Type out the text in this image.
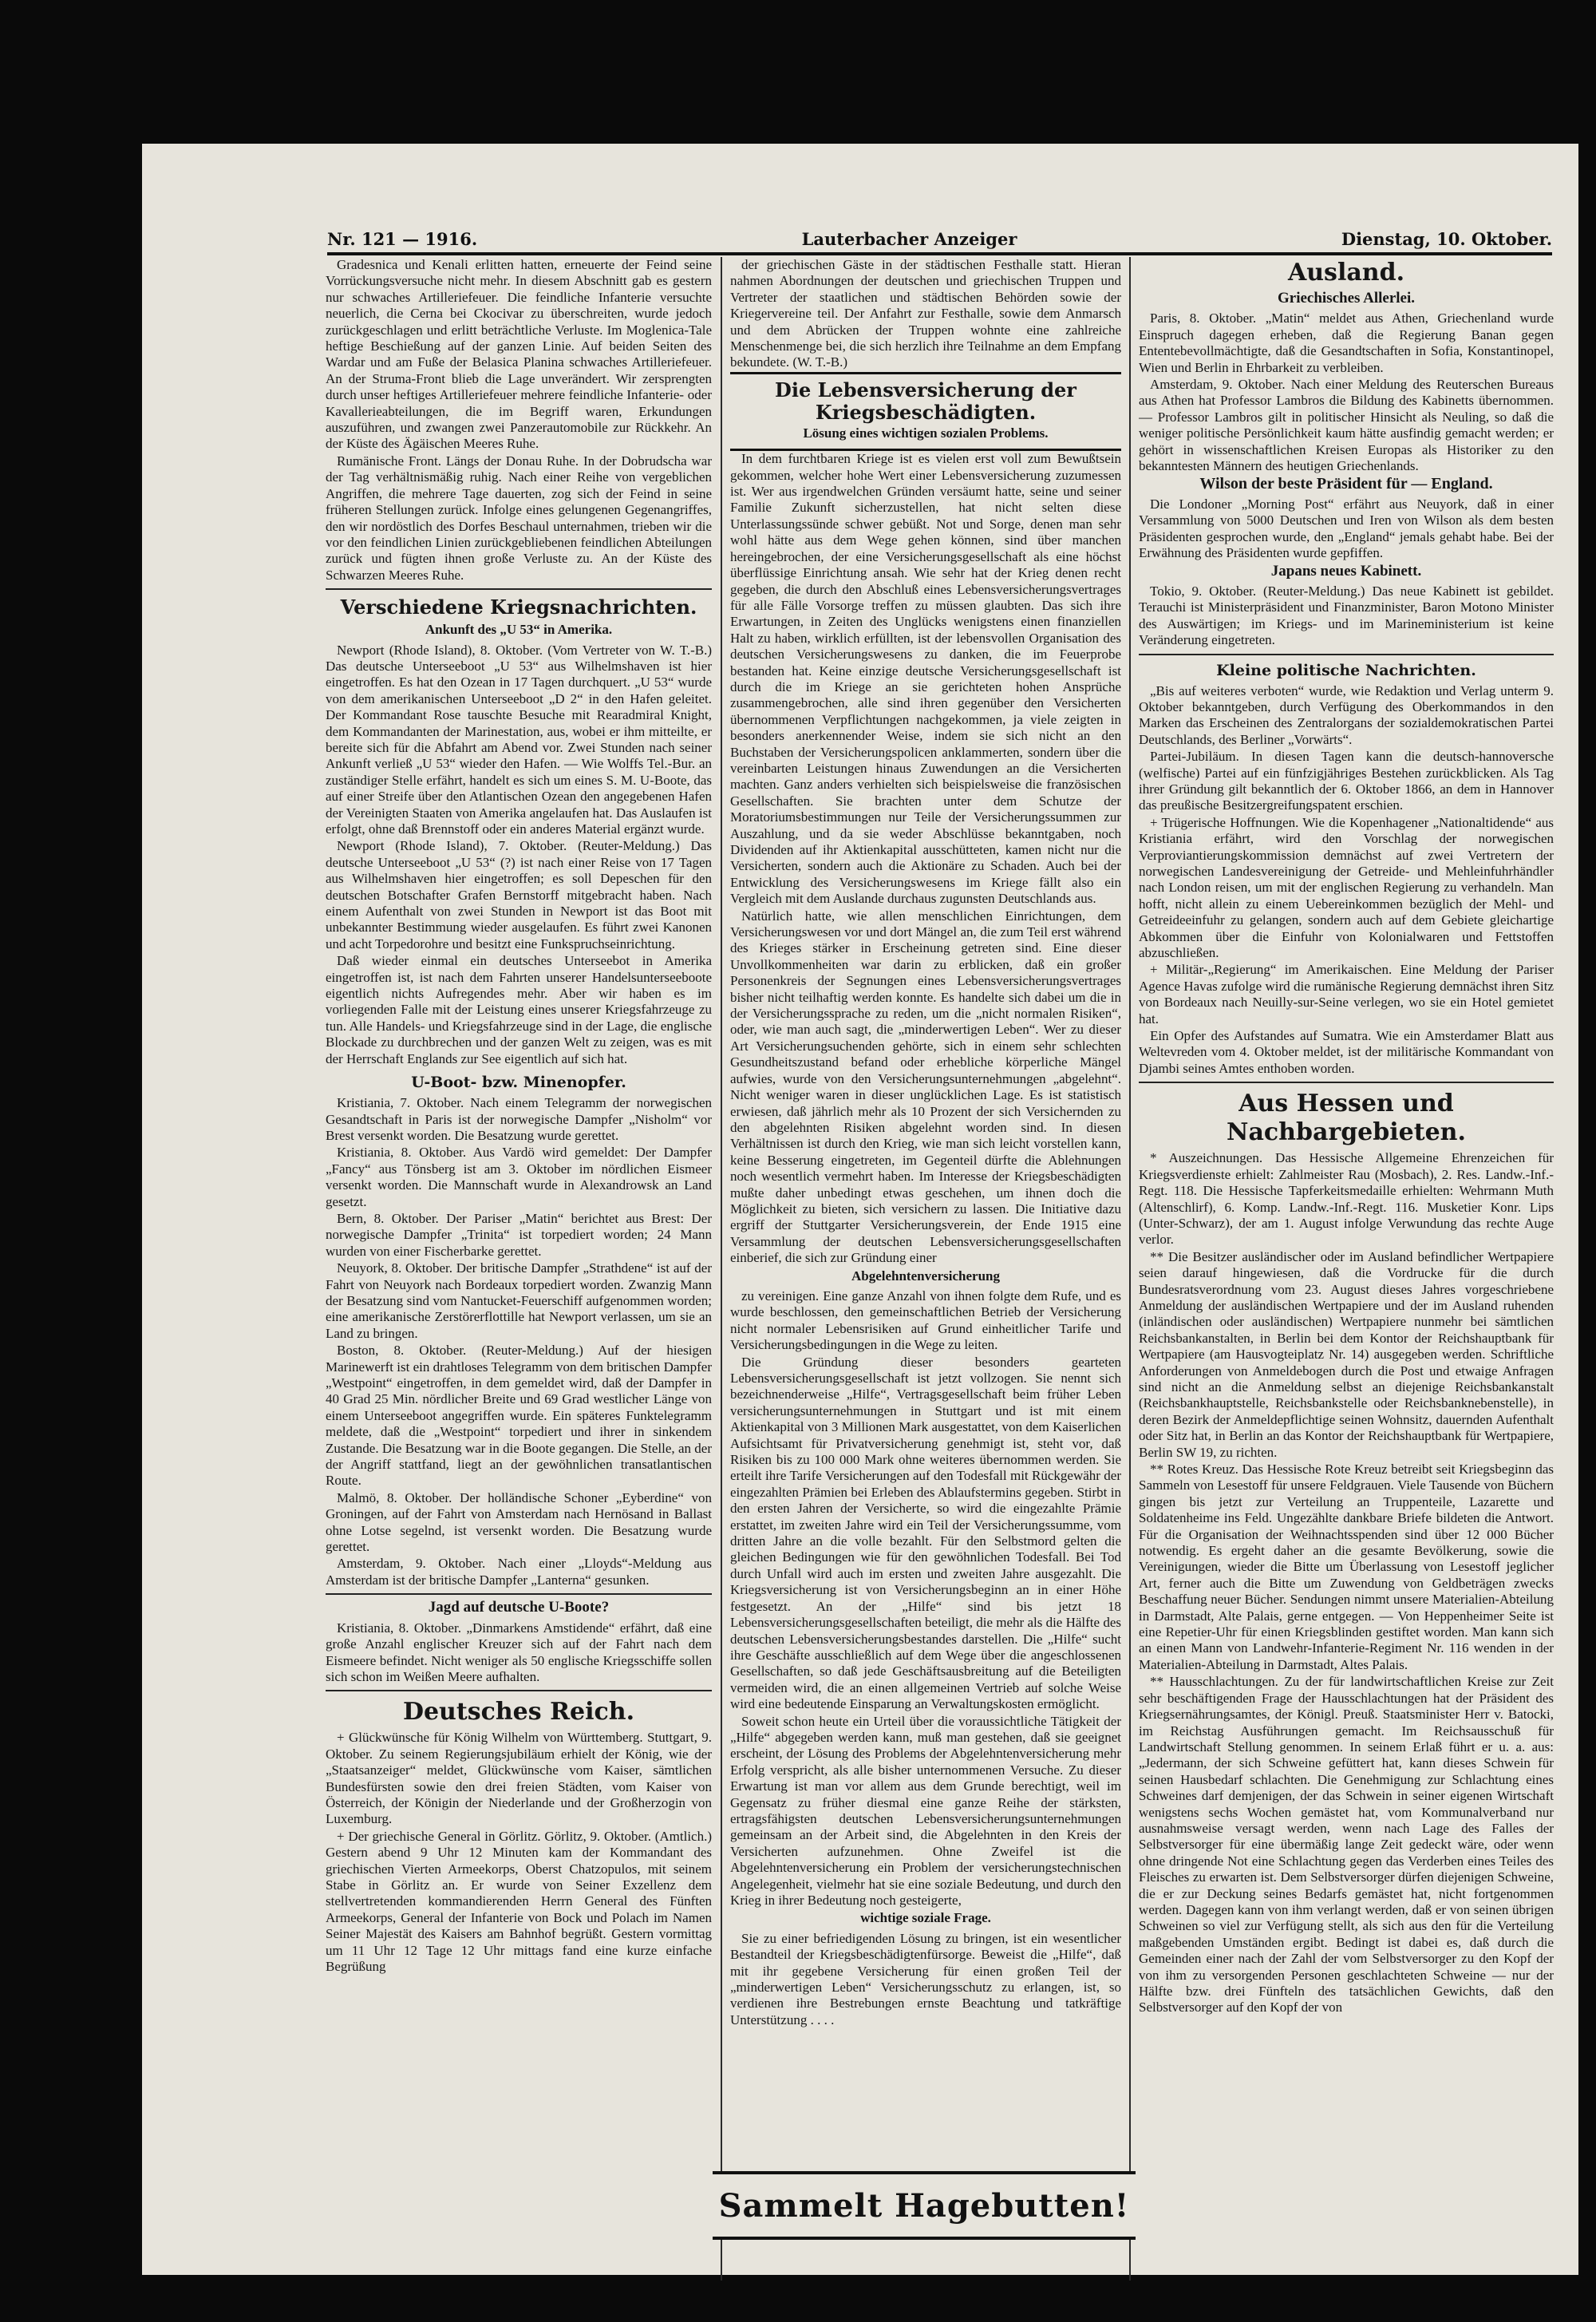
Nr. 121 — 1916.	Lauterbacher Anzeiger	Dienstag, 10. Oktober.

Gradesnica und Kenali erlitten hatten, erneuerte der Feind seine Vorrückungsversuche nicht mehr. In diesem Abschnitt gab es gestern nur schwaches Artilleriefeuer. Die feindliche Infanterie versuchte neuerlich, die Cerna bei Ckocivar zu überschreiten, wurde jedoch zurückgeschlagen und erlitt beträchtliche Verluste. Im Moglenica-Tale heftige Beschießung auf der ganzen Linie. Auf beiden Seiten des Wardar und am Fuße der Belasica Planina schwaches Artilleriefeuer. An der Struma-Front blieb die Lage unverändert. Wir zersprengten durch unser heftiges Artilleriefeuer mehrere feindliche Infanterie- oder Kavallerieabteilungen, die im Begriff waren, Erkundungen auszuführen, und zwangen zwei Panzerautomobile zur Rückkehr. An der Küste des Ägäischen Meeres Ruhe.

Rumänische Front. Längs der Donau Ruhe. In der Dobrudscha war der Tag verhältnismäßig ruhig. Nach einer Reihe von vergeblichen Angriffen, die mehrere Tage dauerten, zog sich der Feind in seine früheren Stellungen zurück. Infolge eines gelungenen Gegenangriffes, den wir nordöstlich des Dorfes Beschaul unternahmen, trieben wir die vor den feindlichen Linien zurückgebliebenen feindlichen Abteilungen zurück und fügten ihnen große Verluste zu. An der Küste des Schwarzen Meeres Ruhe.

Verschiedene Kriegsnachrichten.
Ankunft des „U 53“ in Amerika.

Newport (Rhode Island), 8. Oktober. (Vom Vertreter von W. T.-B.) Das deutsche Unterseeboot „U 53“ aus Wilhelmshaven ist hier eingetroffen. Es hat den Ozean in 17 Tagen durchquert. „U 53“ wurde von dem amerikanischen Unterseeboot „D 2“ in den Hafen geleitet. Der Kommandant Rose tauschte Besuche mit Rearadmiral Knight, dem Kommandanten der Marinestation, aus, wobei er ihm mitteilte, er bereite sich für die Abfahrt am Abend vor. Zwei Stunden nach seiner Ankunft verließ „U 53“ wieder den Hafen. — Wie Wolffs Tel.-Bur. an zuständiger Stelle erfährt, handelt es sich um eines S. M. U-Boote, das auf einer Streife über den Atlantischen Ozean den angegebenen Hafen der Vereinigten Staaten von Amerika angelaufen hat. Das Auslaufen ist erfolgt, ohne daß Brennstoff oder ein anderes Material ergänzt wurde.

Newport (Rhode Island), 7. Oktober. (Reuter-Meldung.) Das deutsche Unterseeboot „U 53“ (?) ist nach einer Reise von 17 Tagen aus Wilhelmshaven hier eingetroffen; es soll Depeschen für den deutschen Botschafter Grafen Bernstorff mitgebracht haben. Nach einem Aufenthalt von zwei Stunden in Newport ist das Boot mit unbekannter Bestimmung wieder ausgelaufen. Es führt zwei Kanonen und acht Torpedorohre und besitzt eine Funkspruchseinrichtung.

Daß wieder einmal ein deutsches Unterseebot in Amerika eingetroffen ist, ist nach dem Fahrten unserer Handelsunterseeboote eigentlich nichts Aufregendes mehr. Aber wir haben es im vorliegenden Falle mit der Leistung eines unserer Kriegsfahrzeuge zu tun. Alle Handels- und Kriegsfahrzeuge sind in der Lage, die englische Blockade zu durchbrechen und der ganzen Welt zu zeigen, was es mit der Herrschaft Englands zur See eigentlich auf sich hat.

U-Boot- bzw. Minenopfer.

Kristiania, 7. Oktober. Nach einem Telegramm der norwegischen Gesandtschaft in Paris ist der norwegische Dampfer „Nisholm“ vor Brest versenkt worden. Die Besatzung wurde gerettet.

Kristiania, 8. Oktober. Aus Vardö wird gemeldet: Der Dampfer „Fancy“ aus Tönsberg ist am 3. Oktober im nördlichen Eismeer versenkt worden. Die Mannschaft wurde in Alexandrowsk an Land gesetzt.

Bern, 8. Oktober. Der Pariser „Matin“ berichtet aus Brest: Der norwegische Dampfer „Trinita“ ist torpediert worden; 24 Mann wurden von einer Fischerbarke gerettet.

Neuyork, 8. Oktober. Der britische Dampfer „Strathdene“ ist auf der Fahrt von Neuyork nach Bordeaux torpediert worden. Zwanzig Mann der Besatzung sind vom Nantucket-Feuerschiff aufgenommen worden; eine amerikanische Zerstörerflottille hat Newport verlassen, um sie an Land zu bringen.

Boston, 8. Oktober. (Reuter-Meldung.) Auf der hiesigen Marinewerft ist ein drahtloses Telegramm von dem britischen Dampfer „Westpoint“ eingetroffen, in dem gemeldet wird, daß der Dampfer in 40 Grad 25 Min. nördlicher Breite und 69 Grad westlicher Länge von einem Unterseeboot angegriffen wurde. Ein späteres Funktelegramm meldete, daß die „Westpoint“ torpediert und ihrer in sinkendem Zustande. Die Besatzung war in die Boote gegangen. Die Stelle, an der der Angriff stattfand, liegt an der gewöhnlichen transatlantischen Route.

Malmö, 8. Oktober. Der holländische Schoner „Eyberdine“ von Groningen, auf der Fahrt von Amsterdam nach Hernösand in Ballast ohne Lotse segelnd, ist versenkt worden. Die Besatzung wurde gerettet.

Amsterdam, 9. Oktober. Nach einer „Lloyds“-Meldung aus Amsterdam ist der britische Dampfer „Lanterna“ gesunken.

Jagd auf deutsche U-Boote?

Kristiania, 8. Oktober. „Dinmarkens Amstidende“ erfährt, daß eine große Anzahl englischer Kreuzer sich auf der Fahrt nach dem Eismeere befindet. Nicht weniger als 50 englische Kriegsschiffe sollen sich schon im Weißen Meere aufhalten.

Deutsches Reich.

+ Glückwünsche für König Wilhelm von Württemberg. Stuttgart, 9. Oktober. Zu seinem Regierungsjubiläum erhielt der König, wie der „Staatsanzeiger“ meldet, Glückwünsche vom Kaiser, sämtlichen Bundesfürsten sowie den drei freien Städten, vom Kaiser von Österreich, der Königin der Niederlande und der Großherzogin von Luxemburg.

+ Der griechische General in Görlitz. Görlitz, 9. Oktober. (Amtlich.) Gestern abend 9 Uhr 12 Minuten kam der Kommandant des griechischen Vierten Armeekorps, Oberst Chatzopulos, mit seinem Stabe in Görlitz an. Er wurde von Seiner Exzellenz dem stellvertretenden kommandierenden Herrn General des Fünften Armeekorps, General der Infanterie von Bock und Polach im Namen Seiner Majestät des Kaisers am Bahnhof begrüßt. Gestern vormittag um 11 Uhr 12 Tage 12 Uhr mittags fand eine kurze einfache Begrüßung

der griechischen Gäste in der städtischen Festhalle statt. Hieran nahmen Abordnungen der deutschen und griechischen Truppen und Vertreter der staatlichen und städtischen Behörden sowie der Kriegervereine teil. Der Anfahrt zur Festhalle, sowie dem Anmarsch und dem Abrücken der Truppen wohnte eine zahlreiche Menschenmenge bei, die sich herzlich ihre Teilnahme an dem Empfang bekundete. (W. T.-B.)

Die Lebensversicherung der Kriegsbeschädigten.
Lösung eines wichtigen sozialen Problems.

In dem furchtbaren Kriege ist es vielen erst voll zum Bewußtsein gekommen, welcher hohe Wert einer Lebensversicherung zuzumessen ist. Wer aus irgendwelchen Gründen versäumt hatte, seine und seiner Familie Zukunft sicherzustellen, hat nicht selten diese Unterlassungssünde schwer gebüßt. Not und Sorge, denen man sehr wohl hätte aus dem Wege gehen können, sind über manchen hereingebrochen, der eine Versicherungsgesellschaft als eine höchst überflüssige Einrichtung ansah. Wie sehr hat der Krieg denen recht gegeben, die durch den Abschluß eines Lebensversicherungsvertrages für alle Fälle Vorsorge treffen zu müssen glaubten. Das sich ihre Erwartungen, in Zeiten des Unglücks wenigstens einen finanziellen Halt zu haben, wirklich erfüllten, ist der lebensvollen Organisation des deutschen Versicherungswesens zu danken, die im Feuerprobe bestanden hat. Keine einzige deutsche Versicherungsgesellschaft ist durch die im Kriege an sie gerichteten hohen Ansprüche zusammengebrochen, alle sind ihren gegenüber den Versicherten übernommenen Verpflichtungen nachgekommen, ja viele zeigten in besonders anerkennender Weise, indem sie sich nicht an den Buchstaben der Versicherungspolicen anklammerten, sondern über die vereinbarten Leistungen hinaus Zuwendungen an die Versicherten machten. Ganz anders verhielten sich beispielsweise die französischen Gesellschaften. Sie brachten unter dem Schutze der Moratoriumsbestimmungen nur Teile der Versicherungssummen zur Auszahlung, und da sie weder Abschlüsse bekanntgaben, noch Dividenden auf ihr Aktienkapital ausschütteten, kamen nicht nur die Versicherten, sondern auch die Aktionäre zu Schaden. Auch bei der Entwicklung des Versicherungswesens im Kriege fällt also ein Vergleich mit dem Auslande durchaus zugunsten Deutschlands aus.

Natürlich hatte, wie allen menschlichen Einrichtungen, dem Versicherungswesen vor und dort Mängel an, die zum Teil erst während des Krieges stärker in Erscheinung getreten sind. Eine dieser Unvollkommenheiten war darin zu erblicken, daß ein großer Personenkreis der Segnungen eines Lebensversicherungsvertrages bisher nicht teilhaftig werden konnte. Es handelte sich dabei um die in der Versicherungssprache zu reden, um die „nicht normalen Risiken“, oder, wie man auch sagt, die „minderwertigen Leben“. Wer zu dieser Art Versicherungsuchenden gehörte, sich in einem sehr schlechten Gesundheitszustand befand oder erhebliche körperliche Mängel aufwies, wurde von den Versicherungsunternehmungen „abgelehnt“. Nicht weniger waren in dieser unglücklichen Lage. Es ist statistisch erwiesen, daß jährlich mehr als 10 Prozent der sich Versichernden zu den abgelehnten Risiken abgelehnt worden sind. In diesen Verhältnissen ist durch den Krieg, wie man sich leicht vorstellen kann, keine Besserung eingetreten, im Gegenteil dürfte die Ablehnungen noch wesentlich vermehrt haben. Im Interesse der Kriegsbeschädigten mußte daher unbedingt etwas geschehen, um ihnen doch die Möglichkeit zu bieten, sich versichern zu lassen. Die Initiative dazu ergriff der Stuttgarter Versicherungsverein, der Ende 1915 eine Versammlung der deutschen Lebensversicherungsgesellschaften einberief, die sich zur Gründung einer

Abgelehntenversicherung

zu vereinigen. Eine ganze Anzahl von ihnen folgte dem Rufe, und es wurde beschlossen, den gemeinschaftlichen Betrieb der Versicherung nicht normaler Lebensrisiken auf Grund einheitlicher Tarife und Versicherungsbedingungen in die Wege zu leiten.

Die Gründung dieser besonders gearteten Lebensversicherungsgesellschaft ist jetzt vollzogen. Sie nennt sich bezeichnenderweise „Hilfe“, Vertragsgesellschaft beim früher Leben versicherungsunternehmungen in Stuttgart und ist mit einem Aktienkapital von 3 Millionen Mark ausgestattet, von dem Kaiserlichen Aufsichtsamt für Privatversicherung genehmigt ist, steht vor, daß Risiken bis zu 100 000 Mark ohne weiteres übernommen werden. Sie erteilt ihre Tarife Versicherungen auf den Todesfall mit Rückgewähr der eingezahlten Prämien bei Erleben des Ablaufstermins gegeben. Stirbt in den ersten Jahren der Versicherte, so wird die eingezahlte Prämie erstattet, im zweiten Jahre wird ein Teil der Versicherungssumme, vom dritten Jahre an die volle bezahlt. Für den Selbstmord gelten die gleichen Bedingungen wie für den gewöhnlichen Todesfall. Bei Tod durch Unfall wird auch im ersten und zweiten Jahre ausgezahlt. Die Kriegsversicherung ist von Versicherungsbeginn an in einer Höhe festgesetzt. An der „Hilfe“ sind bis jetzt 18 Lebensversicherungsgesellschaften beteiligt, die mehr als die Hälfte des deutschen Lebensversicherungsbestandes darstellen. Die „Hilfe“ sucht ihre Geschäfte ausschließlich auf dem Wege über die angeschlossenen Gesellschaften, so daß jede Geschäftsausbreitung auf die Beteiligten vermeiden wird, die an einen allgemeinen Vertrieb auf solche Weise wird eine bedeutende Einsparung an Verwaltungskosten ermöglicht.

Soweit schon heute ein Urteil über die voraussichtliche Tätigkeit der „Hilfe“ abgegeben werden kann, muß man gestehen, daß sie geeignet erscheint, der Lösung des Problems der Abgelehntenversicherung mehr Erfolg verspricht, als alle bisher unternommenen Versuche. Zu dieser Erwartung ist man vor allem aus dem Grunde berechtigt, weil im Gegensatz zu früher diesmal eine ganze Reihe der stärksten, ertragsfähigsten deutschen Lebensversicherungsunternehmungen gemeinsam an der Arbeit sind, die Abgelehnten in den Kreis der Versicherten aufzunehmen. Ohne Zweifel ist die Abgelehntenversicherung ein Problem der versicherungstechnischen Angelegenheit, vielmehr hat sie eine soziale Bedeutung, und durch den Krieg in ihrer Bedeutung noch gesteigerte,

wichtige soziale Frage.

Sie zu einer befriedigenden Lösung zu bringen, ist ein wesentlicher Bestandteil der Kriegsbeschädigtenfürsorge. Beweist die „Hilfe“, daß mit ihr gegebene Versicherung für einen großen Teil der „minderwertigen Leben“ Versicherungsschutz zu erlangen, ist, so verdienen ihre Bestrebungen ernste Beachtung und tatkräftige Unterstützung . . . .

Sammelt Hagebutten!
Ausland.
Griechisches Allerlei.

Paris, 8. Oktober. „Matin“ meldet aus Athen, Griechenland wurde Einspruch dagegen erheben, daß die Regierung Banan gegen Ententebevollmächtigte, daß die Gesandtschaften in Sofia, Konstantinopel, Wien und Berlin in Ehrbarkeit zu verbleiben.

Amsterdam, 9. Oktober. Nach einer Meldung des Reuterschen Bureaus aus Athen hat Professor Lambros die Bildung des Kabinetts übernommen. — Professor Lambros gilt in politischer Hinsicht als Neuling, so daß die weniger politische Persönlichkeit kaum hätte ausfindig gemacht werden; er gehört in wissenschaftlichen Kreisen Europas als Historiker zu den bekanntesten Männern des heutigen Griechenlands.

Wilson der beste Präsident für — England.

Die Londoner „Morning Post“ erfährt aus Neuyork, daß in einer Versammlung von 5000 Deutschen und Iren von Wilson als dem besten Präsidenten gesprochen wurde, den „England“ jemals gehabt habe. Bei der Erwähnung des Präsidenten wurde gepfiffen.

Japans neues Kabinett.

Tokio, 9. Oktober. (Reuter-Meldung.) Das neue Kabinett ist gebildet. Terauchi ist Ministerpräsident und Finanzminister, Baron Motono Minister des Auswärtigen; im Kriegs- und im Marineministerium ist keine Veränderung eingetreten.

Kleine politische Nachrichten.

„Bis auf weiteres verboten“ wurde, wie Redaktion und Verlag unterm 9. Oktober bekanntgeben, durch Verfügung des Oberkommandos in den Marken das Erscheinen des Zentralorgans der sozialdemokratischen Partei Deutschlands, des Berliner „Vorwärts“.

Partei-Jubiläum. In diesen Tagen kann die deutsch-hannoversche (welfische) Partei auf ein fünfzigjähriges Bestehen zurückblicken. Als Tag ihrer Gründung gilt bekanntlich der 6. Oktober 1866, an dem in Hannover das preußische Besitzergreifungspatent erschien.

+ Trügerische Hoffnungen. Wie die Kopenhagener „Nationaltidende“ aus Kristiania erfährt, wird den Vorschlag der norwegischen Verproviantierungskommission demnächst auf zwei Vertretern der norwegischen Landesvereinigung der Getreide- und Mehleinfuhrhändler nach London reisen, um mit der englischen Regierung zu verhandeln. Man hofft, nicht allein zu einem Uebereinkommen bezüglich der Mehl- und Getreideeinfuhr zu gelangen, sondern auch auf dem Gebiete gleichartige Abkommen über die Einfuhr von Kolonialwaren und Fettstoffen abzuschließen.

+ Militär-„Regierung“ im Amerikaischen. Eine Meldung der Pariser Agence Havas zufolge wird die rumänische Regierung demnächst ihren Sitz von Bordeaux nach Neuilly-sur-Seine verlegen, wo sie ein Hotel gemietet hat.

Ein Opfer des Aufstandes auf Sumatra. Wie ein Amsterdamer Blatt aus Weltevreden vom 4. Oktober meldet, ist der militärische Kommandant von Djambi seines Amtes enthoben worden.

Aus Hessen und Nachbargebieten.

* Auszeichnungen. Das Hessische Allgemeine Ehrenzeichen für Kriegsverdienste erhielt: Zahlmeister Rau (Mosbach), 2. Res. Landw.-Inf.-Regt. 118. Die Hessische Tapferkeitsmedaille erhielten: Wehrmann Muth (Altenschlirf), 6. Komp. Landw.-Inf.-Regt. 116. Musketier Konr. Lips (Unter-Schwarz), der am 1. August infolge Verwundung das rechte Auge verlor.

** Die Besitzer ausländischer oder im Ausland befindlicher Wertpapiere seien darauf hingewiesen, daß die Vordrucke für die durch Bundesratsverordnung vom 23. August dieses Jahres vorgeschriebene Anmeldung der ausländischen Wertpapiere und der im Ausland ruhenden (inländischen oder ausländischen) Wertpapiere nunmehr bei sämtlichen Reichsbankanstalten, in Berlin bei dem Kontor der Reichshauptbank für Wertpapiere (am Hausvogteiplatz Nr. 14) ausgegeben werden. Schriftliche Anforderungen von Anmeldebogen durch die Post und etwaige Anfragen sind nicht an die Anmeldung selbst an diejenige Reichsbankanstalt (Reichsbankhauptstelle, Reichsbankstelle oder Reichsbanknebenstelle), in deren Bezirk der Anmeldepflichtige seinen Wohnsitz, dauernden Aufenthalt oder Sitz hat, in Berlin an das Kontor der Reichshauptbank für Wertpapiere, Berlin SW 19, zu richten.

** Rotes Kreuz. Das Hessische Rote Kreuz betreibt seit Kriegsbeginn das Sammeln von Lesestoff für unsere Feldgrauen. Viele Tausende von Büchern gingen bis jetzt zur Verteilung an Truppenteile, Lazarette und Soldatenheime ins Feld. Ungezählte dankbare Briefe bildeten die Antwort. Für die Organisation der Weihnachtsspenden sind über 12 000 Bücher notwendig. Es ergeht daher an die gesamte Bevölkerung, sowie die Vereinigungen, wieder die Bitte um Überlassung von Lesestoff jeglicher Art, ferner auch die Bitte um Zuwendung von Geldbeträgen zwecks Beschaffung neuer Bücher. Sendungen nimmt unsere Materialien-Abteilung in Darmstadt, Alte Palais, gerne entgegen. — Von Heppenheimer Seite ist eine Repetier-Uhr für einen Kriegsblinden gestiftet worden. Man kann sich an einen Mann von Landwehr-Infanterie-Regiment Nr. 116 wenden in der Materialien-Abteilung in Darmstadt, Altes Palais.

** Hausschlachtungen. Zu der für landwirtschaftlichen Kreise zur Zeit sehr beschäftigenden Frage der Hausschlachtungen hat der Präsident des Kriegsernährungsamtes, der Königl. Preuß. Staatsminister Herr v. Batocki, im Reichstag Ausführungen gemacht. Im Reichsausschuß für Landwirtschaft Stellung genommen. In seinem Erlaß führt er u. a. aus: „Jedermann, der sich Schweine gefüttert hat, kann dieses Schwein für seinen Hausbedarf schlachten. Die Genehmigung zur Schlachtung eines Schweines darf demjenigen, der das Schwein in seiner eigenen Wirtschaft wenigstens sechs Wochen gemästet hat, vom Kommunalverband nur ausnahmsweise versagt werden, wenn nach Lage des Falles der Selbstversorger für eine übermäßig lange Zeit gedeckt wäre, oder wenn ohne dringende Not eine Schlachtung gegen das Verderben eines Teiles des Fleisches zu erwarten ist. Dem Selbstversorger dürfen diejenigen Schweine, die er zur Deckung seines Bedarfs gemästet hat, nicht fortgenommen werden. Dagegen kann von ihm verlangt werden, daß er von seinen übrigen Schweinen so viel zur Verfügung stellt, als sich aus den für die Verteilung maßgebenden Umständen ergibt. Bedingt ist dabei es, daß durch die Gemeinden einer nach der Zahl der vom Selbstversorger zu den Kopf der von ihm zu versorgenden Personen geschlachteten Schweine — nur der Hälfte bzw. drei Fünfteln des tatsächlichen Gewichts, daß den Selbstversorger auf den Kopf der von
